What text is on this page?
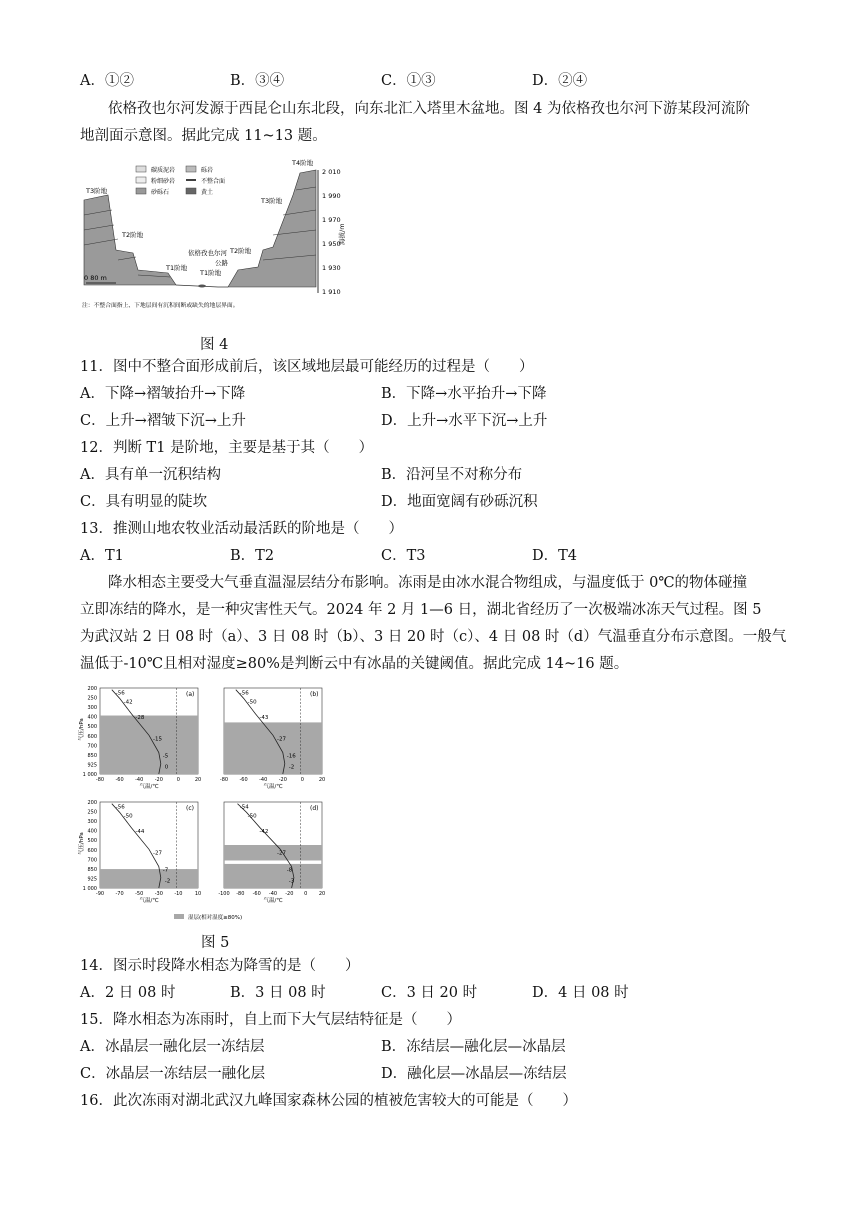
A．①②	B．③④	C．①③	D．②④
依格孜也尔河发源于西昆仑山东北段，向东北汇入塔里木盆地。图 4 为依格孜也尔河下游某段河流阶
地剖面示意图。据此完成 11~13 题。
碳质泥岩	砾岩
粉细砂岩	不整合面
砂砾石	黄土
T3阶地
T2阶地
T1阶地
T4阶地
T3阶地
T2阶地
T1阶地
依格孜也尔河
公路
0 80 m
2 010
1 990
1 970
1 950
1 930
1 910
海拔/m
注：不整合面指上、下地层间有沉积间断或缺失的地层界面。
图 4
11．图中不整合面形成前后，该区域地层最可能经历的过程是（　　）
A．下降→褶皱抬升→下降	B．下降→水平抬升→下降
C．上升→褶皱下沉→上升	D．上升→水平下沉→上升
12．判断 T1 是阶地，主要是基于其（　　）
A．具有单一沉积结构	B．沿河呈不对称分布
C．具有明显的陡坎	D．地面宽阔有砂砾沉积
13．推测山地农牧业活动最活跃的阶地是（　　）
A．T1	B．T2	C．T3	D．T4
降水相态主要受大气垂直温湿层结分布影响。冻雨是由冰水混合物组成，与温度低于 0℃的物体碰撞
立即冻结的降水，是一种灾害性天气。2024 年 2 月 1—6 日，湖北省经历了一次极端冰冻天气过程。图 5
为武汉站 2 日 08 时（a）、3 日 08 时（b）、3 日 20 时（c）、4 日 08 时（d）气温垂直分布示意图。一般气
温低于-10℃且相对湿度≥80%是判断云中有冰晶的关键阈值。据此完成 14~16 题。
-56
-42
-28
-15
-5
0
(a)
200
250
300
400
500
600
700
850
925
1 000
气压/hPa
-80 -60 -40 -20	0	20
气温/℃
-56
-50
-43
-27
-16
-2
(b)
-80 -60 -40 -20	0	20
气温/℃
-56
-50
-44
-27
-7
-2
(c)
200
250
300
400
500
600
700
850
925
1 000
气压/hPa
-90 -70 -50 -30 -10 10
气温/℃
-54
-50
-42
-27
-8
-3
(d)
-100 -80 -60 -40 -20 0 20
气温/℃
湿层(相对湿度≥80%)
图 5
14．图示时段降水相态为降雪的是（　　）
A．2 日 08 时	B．3 日 08 时	C．3 日 20 时	D．4 日 08 时
15．降水相态为冻雨时，自上而下大气层结特征是（　　）
A．冰晶层一融化层一冻结层	B．冻结层—融化层—冰晶层
C．冰晶层一冻结层一融化层	D．融化层—冰晶层—冻结层
16．此次冻雨对湖北武汉九峰国家森林公园的植被危害较大的可能是（　　）
